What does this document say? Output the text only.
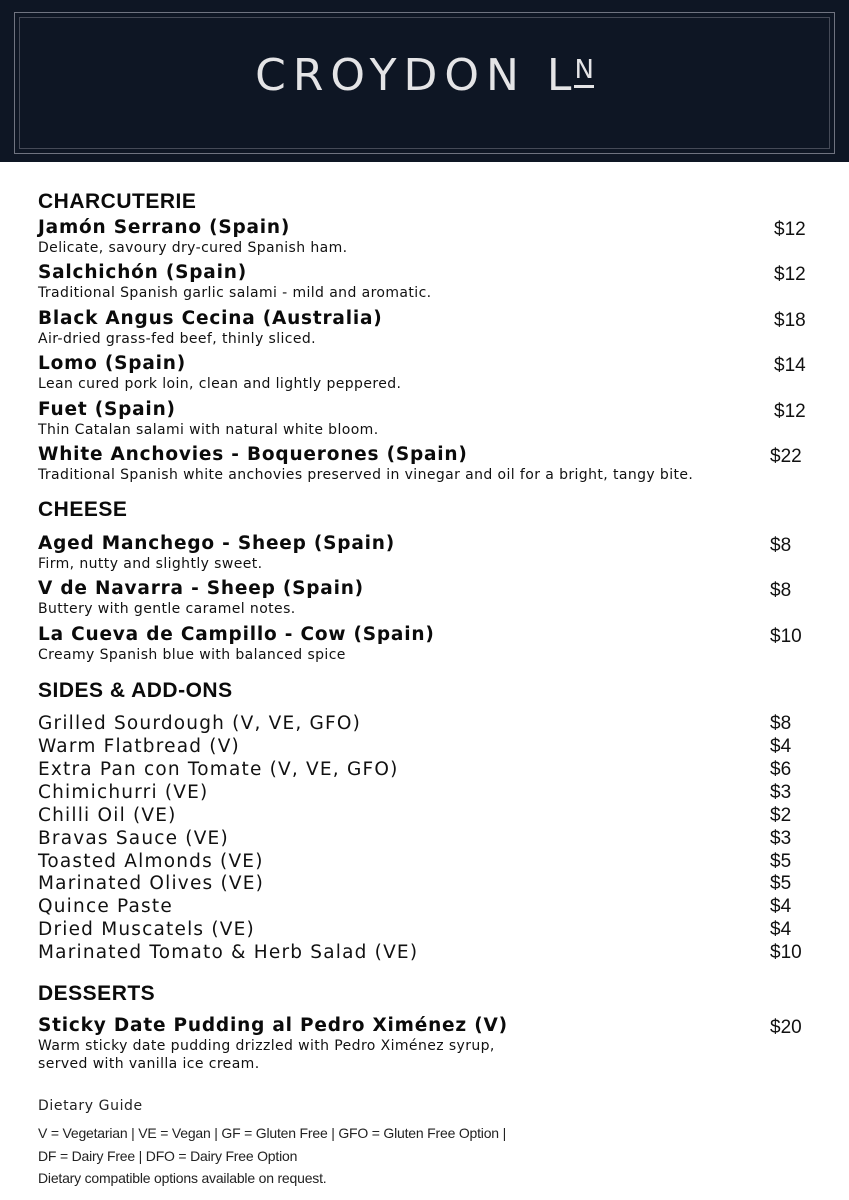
CROYDON $L^N$
CHARCUTERIE
Jamón Serrano (Spain)
Delicate, savoury dry-cured Spanish ham.
$12
Salchichón (Spain)
Traditional Spanish garlic salami - mild and aromatic.
$12
Black Angus Cecina (Australia)
Air-dried grass-fed beef, thinly sliced.
$18
Lomo (Spain)
Lean cured pork loin, clean and lightly peppered.
$14
Fuet (Spain)
Thin Catalan salami with natural white bloom.
$12
White Anchovies - Boquerones (Spain)
Traditional Spanish white anchovies preserved in vinegar and oil for a bright, tangy bite.
$22
CHEESE
Aged Manchego - Sheep (Spain)
Firm, nutty and slightly sweet.
$8
V de Navarra - Sheep (Spain)
Buttery with gentle caramel notes.
$8
La Cueva de Campillo - Cow (Spain)
Creamy Spanish blue with balanced spice
$10
SIDES & ADD-ONS
Grilled Sourdough (V, VE, GFO)	$8
Warm Flatbread (V)	$4
Extra Pan con Tomate (V, VE, GFO)	$6
Chimichurri (VE)	$3
Chilli Oil (VE)	$2
Bravas Sauce (VE)	$3
Toasted Almonds (VE)	$5
Marinated Olives (VE)	$5
Quince Paste	$4
Dried Muscatels (VE)	$4
Marinated Tomato & Herb Salad (VE)	$10
DESSERTS
Sticky Date Pudding al Pedro Ximénez (V)
Warm sticky date pudding drizzled with Pedro Ximénez syrup,
served with vanilla ice cream.
$20
Dietary Guide
V = Vegetarian | VE = Vegan | GF = Gluten Free | GFO = Gluten Free Option |
DF = Dairy Free | DFO = Dairy Free Option
Dietary compatible options available on request.
